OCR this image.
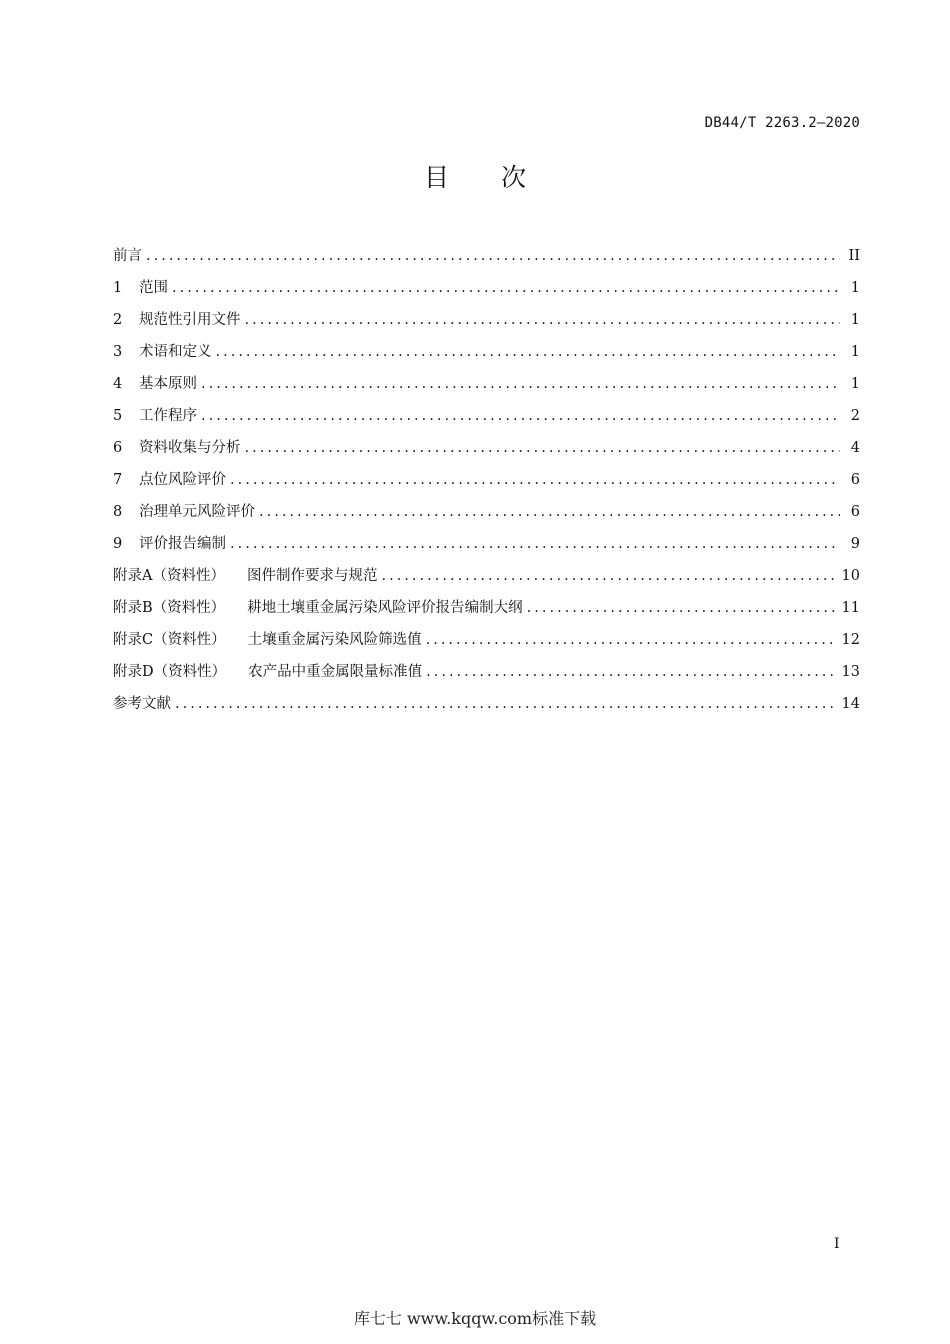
DB44/T 2263.2—2020
目次
前言 .....	II
1	范围 .....	1
2	规范性引用文件 .....	1
3	术语和定义 .....	1
4	基本原则 .....	1
5	工作程序 .....	2
6	资料收集与分析 .....	4
7	点位风险评价 .....	6
8	治理单元风险评价 .....	6
9	评价报告编制 .....	9
附录A（资料性） 图件制作要求与规范 .....	10
附录B（资料性） 耕地土壤重金属污染风险评价报告编制大纲 .....	11
附录C（资料性） 土壤重金属污染风险筛选值 .....	12
附录D（资料性） 农产品中重金属限量标准值 .....	13
参考文献 .....	14
I
库七七 www.kqqw.com标准下载
